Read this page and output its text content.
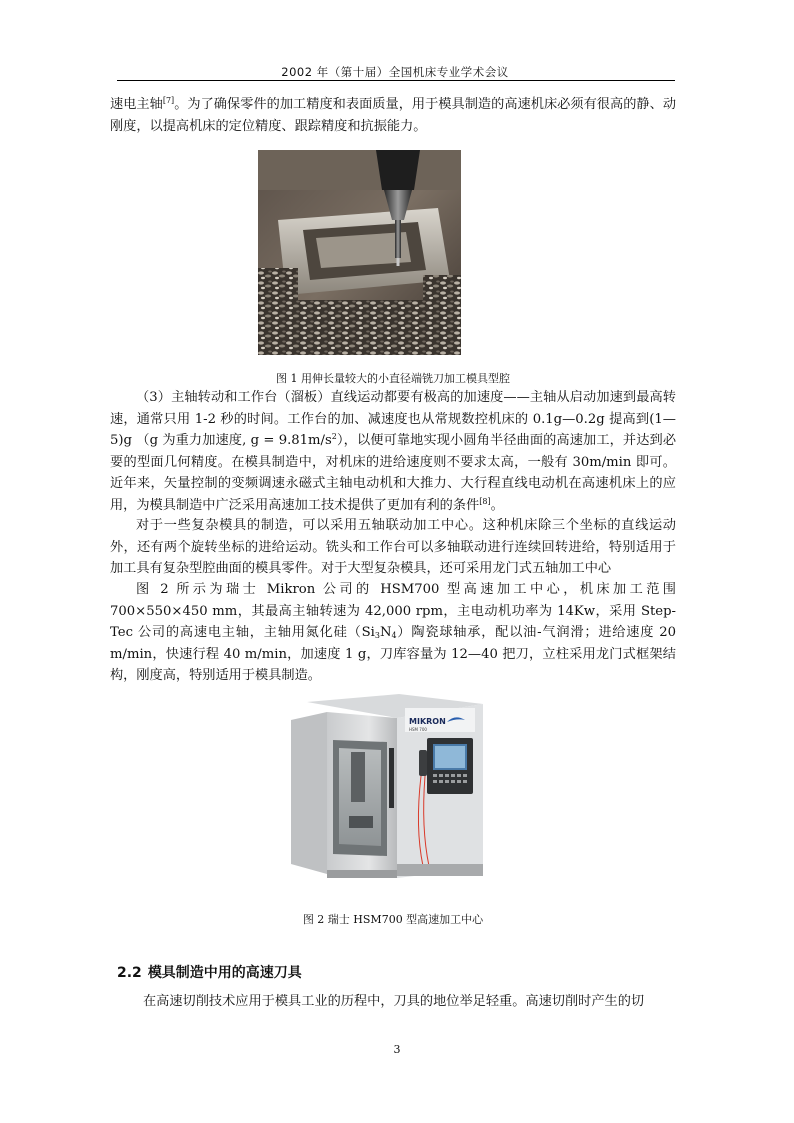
2002 年（第十届）全国机床专业学术会议

速电主轴[7]。为了确保零件的加工精度和表面质量，用于模具制造的高速机床必须有很高的静、动刚度，以提高机床的定位精度、跟踪精度和抗振能力。

图 1 用伸长量较大的小直径端铣刀加工模具型腔

（3）主轴转动和工作台（溜板）直线运动都要有极高的加速度——主轴从启动加速到最高转速，通常只用 1-2 秒的时间。工作台的加、减速度也从常规数控机床的 0.1g—0.2g 提高到(1—5)g （g 为重力加速度, $g = 9.81m/s^2$），以便可靠地实现小圆角半径曲面的高速加工，并达到必要的型面几何精度。在模具制造中，对机床的进给速度则不要求太高，一般有 30m/min 即可。近年来，矢量控制的变频调速永磁式主轴电动机和大推力、大行程直线电动机在高速机床上的应用，为模具制造中广泛采用高速加工技术提供了更加有利的条件[8]。

对于一些复杂模具的制造，可以采用五轴联动加工中心。这种机床除三个坐标的直线运动外，还有两个旋转坐标的进给运动。铣头和工作台可以多轴联动进行连续回转进给，特别适用于加工具有复杂型腔曲面的模具零件。对于大型复杂模具，还可采用龙门式五轴加工中心

图 2 所示为瑞士 Mikron 公司的 HSM700 型高速加工中心，机床加工范围 700×550×450 mm，其最高主轴转速为 42,000 rpm，主电动机功率为 14Kw，采用 Step-Tec 公司的高速电主轴，主轴用氮化硅$(Si_3N_4)$陶瓷球轴承，配以油-气润滑；进给速度 20 m/min，快速行程 40 m/min，加速度 1 g，刀库容量为 12—40 把刀，立柱采用龙门式框架结构，刚度高，特别适用于模具制造。

MIKRON
HSM 700
图 2 瑞士 HSM700 型高速加工中心
2.2 模具制造中用的高速刀具

在高速切削技术应用于模具工业的历程中，刀具的地位举足轻重。高速切削时产生的切

3
